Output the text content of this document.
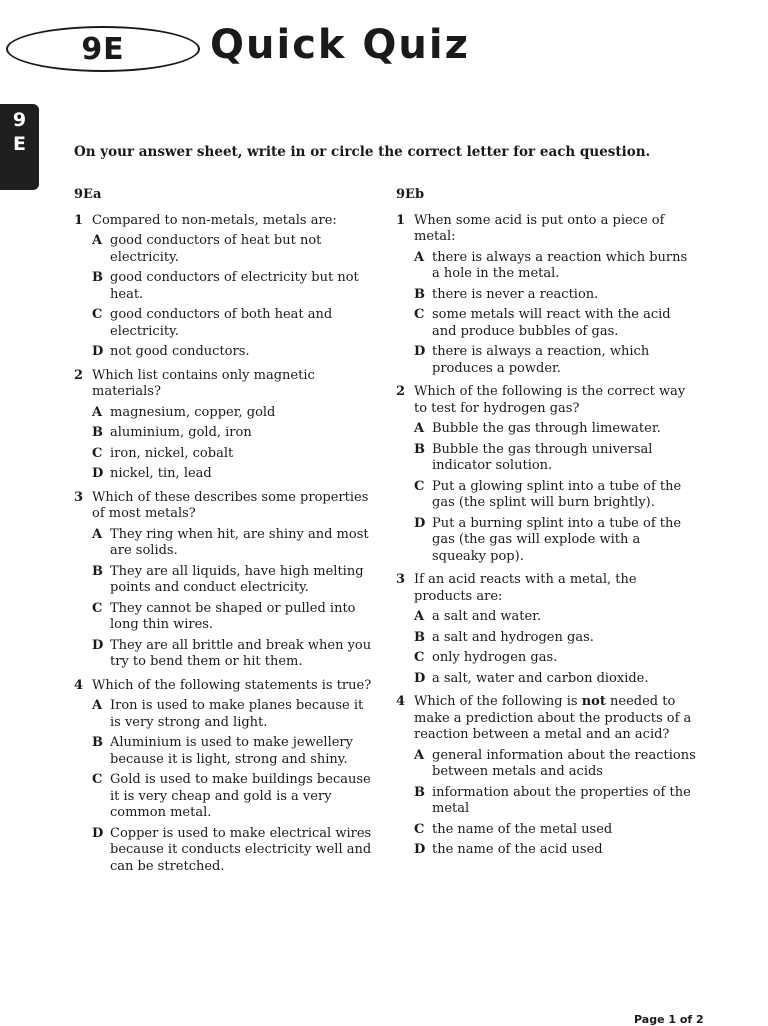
9E Quick Quiz
9
E	On your answer sheet, write in or circle the correct letter for each question.
9Ea
1 Compared to non-metals, metals are:
A good conductors of heat but not electricity.
B good conductors of electricity but not heat.
C good conductors of both heat and electricity.
D not good conductors.
2 Which list contains only magnetic materials?
A magnesium, copper, gold
B aluminium, gold, iron
C iron, nickel, cobalt
D nickel, tin, lead
3 Which of these describes some properties of most metals?
A They ring when hit, are shiny and most are solids.
B They are all liquids, have high melting points and conduct electricity.
C They cannot be shaped or pulled into long thin wires.
D They are all brittle and break when you try to bend them or hit them.
4 Which of the following statements is true?
A Iron is used to make planes because it is very strong and light.
B Aluminium is used to make jewellery because it is light, strong and shiny.
C Gold is used to make buildings because it is very cheap and gold is a very common metal.
D Copper is used to make electrical wires because it conducts electricity well and can be stretched.
9Eb
1 When some acid is put onto a piece of metal:
A there is always a reaction which burns a hole in the metal.
B there is never a reaction.
C some metals will react with the acid and produce bubbles of gas.
D there is always a reaction, which produces a powder.
2 Which of the following is the correct way to test for hydrogen gas?
A Bubble the gas through limewater.
B Bubble the gas through universal indicator solution.
C Put a glowing splint into a tube of the gas (the splint will burn brightly).
D Put a burning splint into a tube of the gas (the gas will explode with a squeaky pop).
3 If an acid reacts with a metal, the products are:
A a salt and water.
B a salt and hydrogen gas.
C only hydrogen gas.
D a salt, water and carbon dioxide.
4 Which of the following is not needed to make a prediction about the products of a reaction between a metal and an acid?
A general information about the reactions between metals and acids
B information about the properties of the metal
C the name of the metal used
D the name of the acid used
Page 1 of 2
